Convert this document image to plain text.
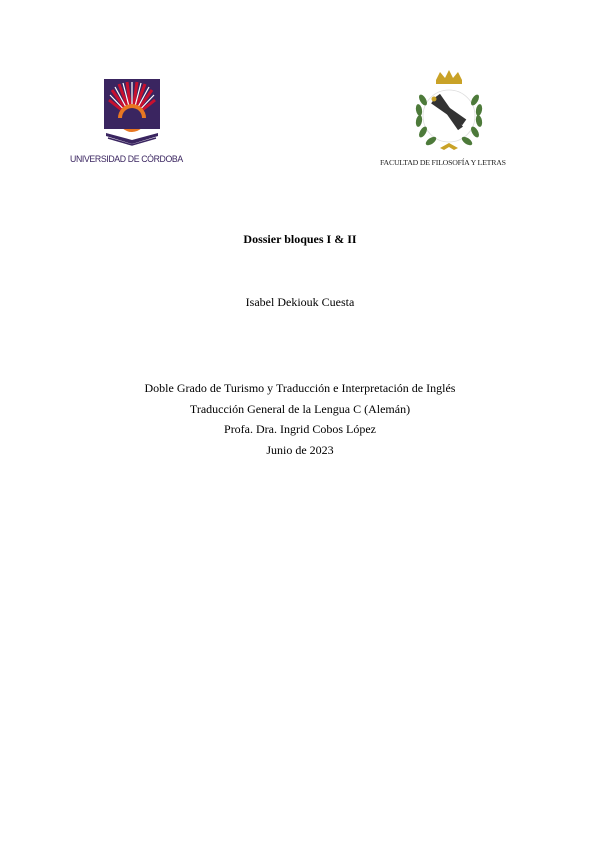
UNIVERSIDAD DE CÓRDOBA	FACULTAD DE FILOSOFÍA Y LETRAS
Dossier bloques I & II
Isabel Dekiouk Cuesta
Doble Grado de Turismo y Traducción e Interpretación de Inglés
Traducción General de la Lengua C (Alemán)
Profa. Dra. Ingrid Cobos López
Junio de 2023
